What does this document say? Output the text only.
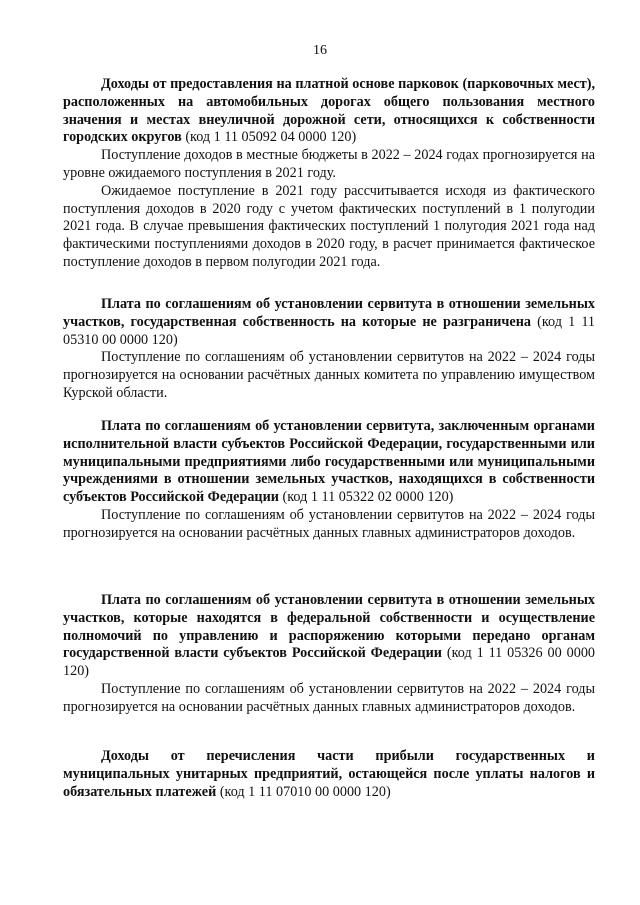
16

Доходы от предоставления на платной основе парковок (парковочных мест), расположенных на автомобильных дорогах общего пользования местного значения и местах внеуличной дорожной сети, относящихся к собственности городских округов (код 1 11 05092 04 0000 120)

Поступление доходов в местные бюджеты в 2022 – 2024 годах прогнозируется на уровне ожидаемого поступления в 2021 году.

Ожидаемое поступление в 2021 году рассчитывается исходя из фактического поступления доходов в 2020 году с учетом фактических поступлений в 1 полугодии 2021 года. В случае превышения фактических поступлений 1 полугодия 2021 года над фактическими поступлениями доходов в 2020 году, в расчет принимается фактическое поступление доходов в первом полугодии 2021 года.

Плата по соглашениям об установлении сервитута в отношении земельных участков, государственная собственность на которые не разграничена (код 1 11 05310 00 0000 120)

Поступление по соглашениям об установлении сервитутов на 2022 – 2024 годы прогнозируется на основании расчётных данных комитета по управлению имуществом Курской области.

Плата по соглашениям об установлении сервитута, заключенным органами исполнительной власти субъектов Российской Федерации, государственными или муниципальными предприятиями либо государственными или муниципальными учреждениями в отношении земельных участков, находящихся в собственности субъектов Российской Федерации (код 1 11 05322 02 0000 120)

Поступление по соглашениям об установлении сервитутов на 2022 – 2024 годы прогнозируется на основании расчётных данных главных администраторов доходов.

Плата по соглашениям об установлении сервитута в отношении земельных участков, которые находятся в федеральной собственности и осуществление полномочий по управлению и распоряжению которыми передано органам государственной власти субъектов Российской Федерации (код 1 11 05326 00 0000 120)

Поступление по соглашениям об установлении сервитутов на 2022 – 2024 годы прогнозируется на основании расчётных данных главных администраторов доходов.

Доходы от перечисления части прибыли государственных и муниципальных унитарных предприятий, остающейся после уплаты налогов и обязательных платежей (код 1 11 07010 00 0000 120)
